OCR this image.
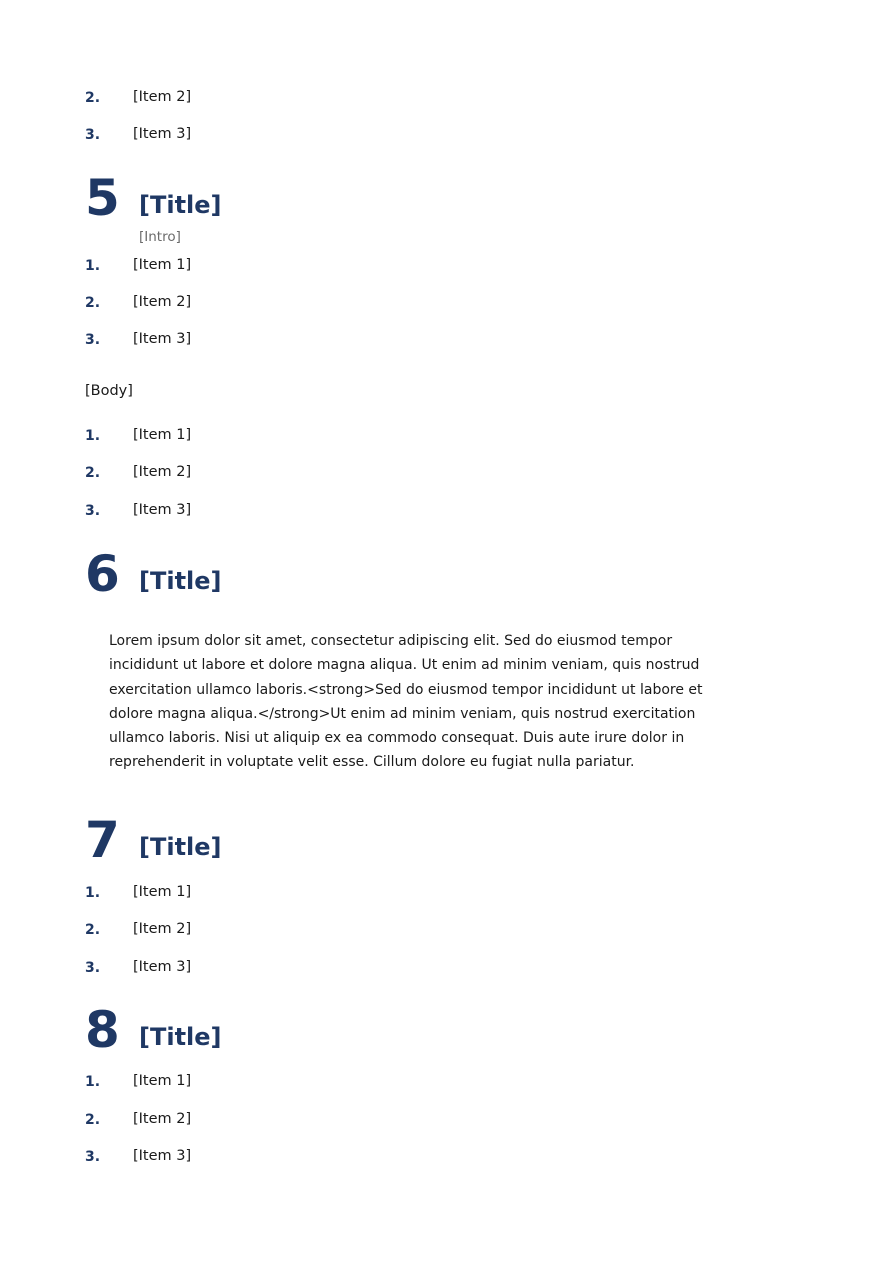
2. [Item 2]
3. [Item 3]
5 [Title]
[Intro]
1. [Item 1]
2. [Item 2]
3. [Item 3]
[Body]
1. [Item 1]
2. [Item 2]
3. [Item 3]
6 [Title]
Lorem ipsum dolor sit amet, consectetur adipiscing elit. Sed do eiusmod tempor
incididunt ut labore et dolore magna aliqua. Ut enim ad minim veniam, quis nostrud
exercitation ullamco laboris.<strong>Sed do eiusmod tempor incididunt ut labore et
dolore magna aliqua.</strong>Ut enim ad minim veniam, quis nostrud exercitation
ullamco laboris. Nisi ut aliquip ex ea commodo consequat. Duis aute irure dolor in
reprehenderit in voluptate velit esse. Cillum dolore eu fugiat nulla pariatur.
7 [Title]
1. [Item 1]
2. [Item 2]
3. [Item 3]
8 [Title]
1. [Item 1]
2. [Item 2]
3. [Item 3]
